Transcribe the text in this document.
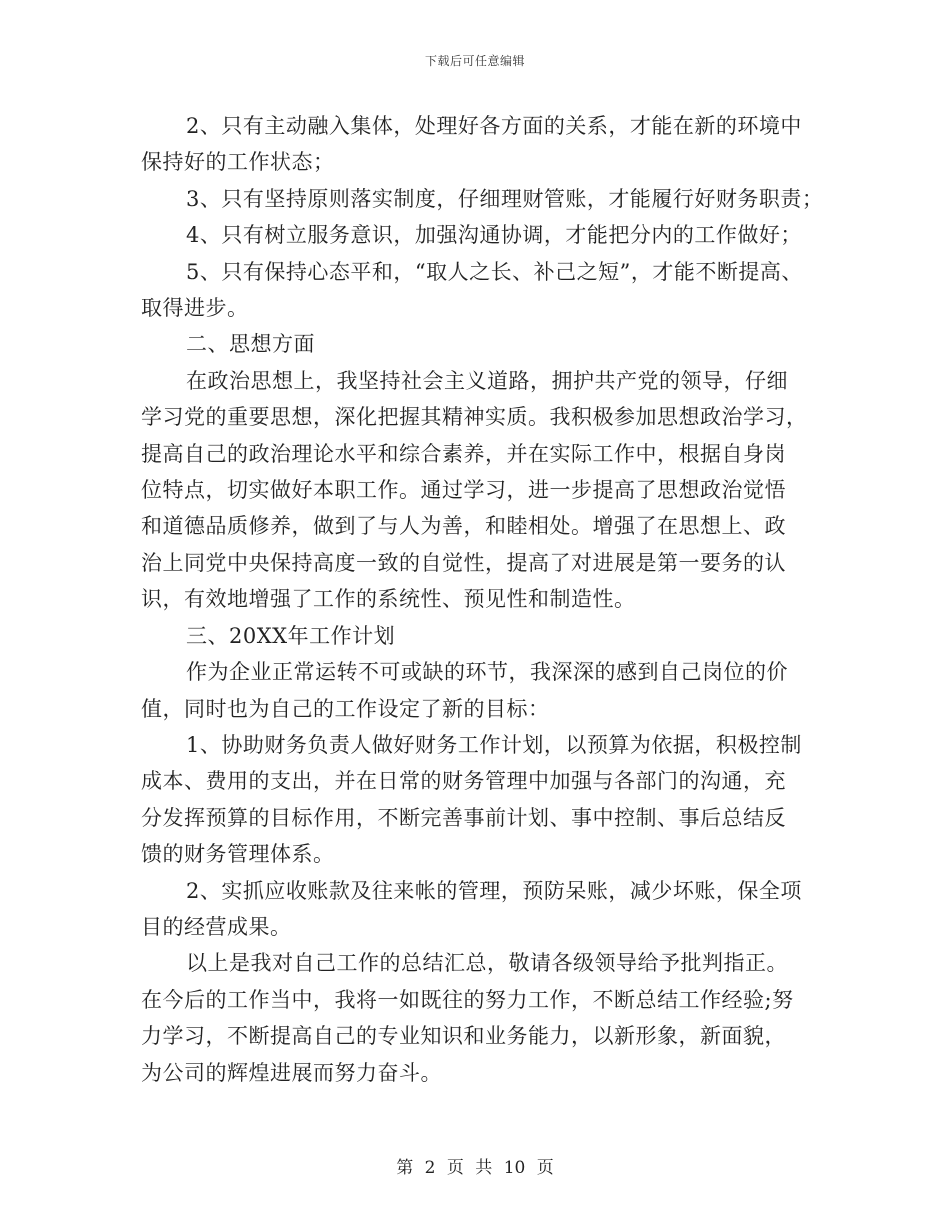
下载后可任意编辑
2、只有主动融入集体，处理好各方面的关系，才能在新的环境中
保持好的工作状态；
3、只有坚持原则落实制度，仔细理财管账，才能履行好财务职责；
4、只有树立服务意识，加强沟通协调，才能把分内的工作做好；
5、只有保持心态平和，“取人之长、补己之短”，才能不断提高、
取得进步。
二、思想方面
在政治思想上，我坚持社会主义道路，拥护共产党的领导，仔细
学习党的重要思想，深化把握其精神实质。我积极参加思想政治学习，
提高自己的政治理论水平和综合素养，并在实际工作中，根据自身岗
位特点，切实做好本职工作。通过学习，进一步提高了思想政治觉悟
和道德品质修养，做到了与人为善，和睦相处。增强了在思想上、政
治上同党中央保持高度一致的自觉性，提高了对进展是第一要务的认
识，有效地增强了工作的系统性、预见性和制造性。
三、20XX年工作计划
作为企业正常运转不可或缺的环节，我深深的感到自己岗位的价
值，同时也为自己的工作设定了新的目标：
1、协助财务负责人做好财务工作计划，以预算为依据，积极控制
成本、费用的支出，并在日常的财务管理中加强与各部门的沟通，充
分发挥预算的目标作用，不断完善事前计划、事中控制、事后总结反
馈的财务管理体系。
2、实抓应收账款及往来帐的管理，预防呆账，减少坏账，保全项
目的经营成果。
以上是我对自己工作的总结汇总，敬请各级领导给予批判指正。
在今后的工作当中，我将一如既往的努力工作，不断总结工作经验;努
力学习，不断提高自己的专业知识和业务能力，以新形象，新面貌，
为公司的辉煌进展而努力奋斗。
第 2 页 共 10 页
